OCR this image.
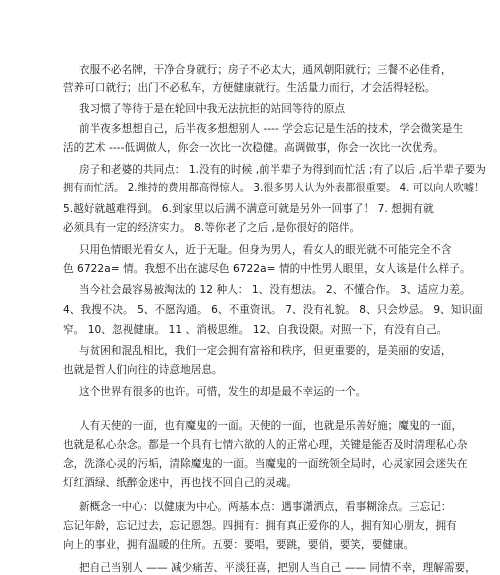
衣服不必名牌，干净合身就行；房子不必太大，通风朝阳就行；三餐不必佳肴，

营养可口就行；出门不必私车，方便健康就行。生活量力而行，才会活得轻松。

我习惯了等待于是在轮回中我无法抗拒的站回等待的原点

前半夜多想想自己，后半夜多想想别人 ---- 学会忘记是生活的技术，学会微笑是生

活的艺术 ----低调做人，你会一次比一次稳健。高调做事，你会一次比一次优秀。

房子和老婆的共同点： 1.没有的时候 ,前半辈子为得到而忙活 ;有了以后 ,后半辈子要为

拥有而忙活。 2.维持的费用都高得惊人。 3.很多男人认为外表都很重要。 4. 可以向人吹嘘！

5.越好就越难得到。 6.到家里以后满不满意可就是另外一回事了！ 7. 想拥有就

必须具有一定的经济实力。 8.等你老了之后 ,是你很好的陪伴。

只用色情眼光看女人，近于无耻。但身为男人，看女人的眼光就不可能完全不含

色 6722a= 情。我想不出在滤尽色 6722a= 情的中性男人眼里，女人该是什么样子。

当今社会最容易被淘汰的 12 种人： 1、没有想法。 2、不懂合作。 3、适应力差。

4、我搜不决。 5、不愿沟通。 6、不重资讯。 7、没有礼貌。 8、只会炒忌。 9、知识面

窄。 10、忽视健康。 11 、消极思维。 12、自我设限。对照一下，有没有自己。

与贫困和混乱相比，我们一定会拥有富裕和秩序，但更重要的，是美丽的安适，

也就是哲人们向往的诗意地居息。

这个世界有很多的也许。可惜，发生的却是最不幸运的一个。

人有天使的一面，也有魔鬼的一面。天使的一面，也就是乐善好施；魔鬼的一面，

也就是私心杂念。都是一个具有七情六欲的人的正常心理，关键是能否及时清理私心杂

念，洗涤心灵的污垢，清除魔鬼的一面。当魔鬼的一面统领全局时，心灵家园会迷失在

灯红酒绿、纸醉金迷中，再也找不回自己的灵魂。

新概念一中心：以健康为中心。两基本点：遇事潇洒点，看事糊涂点。三忘记：

忘记年龄，忘记过去，忘记恩怨。四拥有：拥有真正爱你的人，拥有知心朋友，拥有

向上的事业，拥有温暖的住所。五要：要唱，要跳，要俏，要笑，要健康。

把自己当别人 —— 减少痛苦、平淡狂喜，把别人当自己 —— 同情不幸，理解需要，
